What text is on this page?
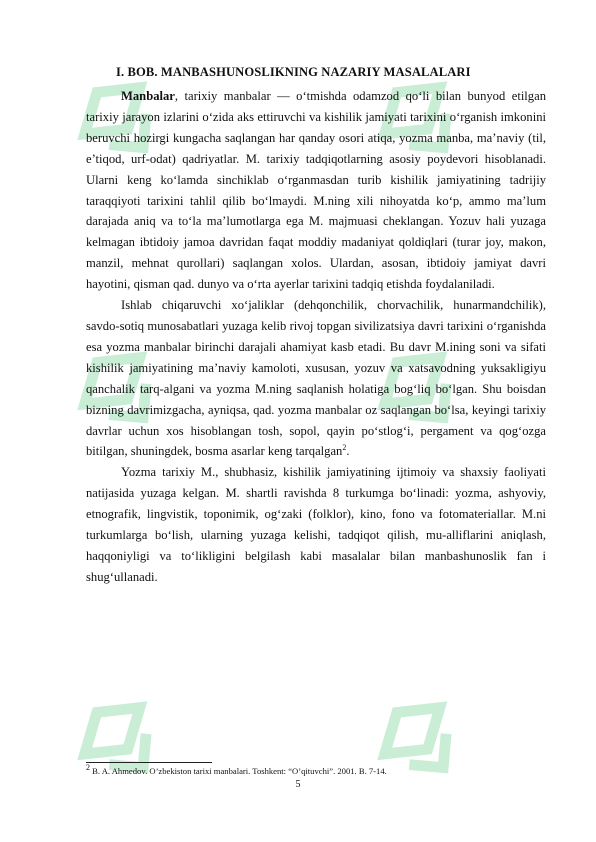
I. BOB. MANBASHUNOSLIKNING NAZARIY MASALALARI

Manbalar, tarixiy manbalar — o‘tmishda odamzod qo‘li bilan bunyod etilgan tarixiy jarayon izlarini o‘zida aks ettiruvchi va kishilik jamiyati tarixini o‘rganish imkonini beruvchi hozirgi kungacha saqlangan har qanday osori atiqa, yozma manba, ma’naviy (til, e’tiqod, urf-odat) qadriyatlar. M. tarixiy tadqiqotlarning asosiy poydevori hisoblanadi. Ularni keng ko‘lamda sinchiklab o‘rganmasdan turib kishilik jamiyatining tadrijiy taraqqiyoti tarixini tahlil qilib bo‘lmaydi. M.ning xili nihoyatda ko‘p, ammo ma’lum darajada aniq va to‘la ma’lumotlarga ega M. majmuasi cheklangan. Yozuv hali yuzaga kelmagan ibtidoiy jamoa davridan faqat moddiy madaniyat qoldiqlari (turar joy, makon, manzil, mehnat qurollari) saqlangan xolos. Ulardan, asosan, ibtidoiy jamiyat davri hayotini, qisman qad. dunyo va o‘rta ayerlar tarixini tadqiq etishda foydalaniladi.

Ishlab chiqaruvchi xo‘jaliklar (dehqonchilik, chorvachilik, hunarmandchilik), savdo-sotiq munosabatlari yuzaga kelib rivoj topgan sivilizatsiya davri tarixini o‘rganishda esa yozma manbalar birinchi darajali ahamiyat kasb etadi. Bu davr M.ining soni va sifati kishilik jamiyatining ma’naviy kamoloti, xususan, yozuv va xatsavodning yuksakligiyu qanchalik tarq-algani va yozma M.ning saqlanish holatiga bog‘liq bo‘lgan. Shu boisdan bizning davrimizgacha, ayniqsa, qad. yozma manbalar oz saqlangan bo‘lsa, keyingi tarixiy davrlar uchun xos hisoblangan tosh, sopol, qayin po‘stlog‘i, pergament va qog‘ozga bitilgan, shuningdek, bosma asarlar keng tarqalgan$^2$.

Yozma tarixiy M., shubhasiz, kishilik jamiyatining ijtimoiy va shaxsiy faoliyati natijasida yuzaga kelgan. M. shartli ravishda 8 turkumga bo‘linadi: yozma, ashyoviy, etnografik, lingvistik, toponimik, og‘zaki (folklor), kino, fono va fotomateriallar. M.ni turkumlarga bo‘lish, ularning yuzaga kelishi, tadqiqot qilish, mu-alliflarini aniqlash, haqqoniyligi va to‘likligini belgilash kabi masalalar bilan manbashunoslik fan i shug‘ullanadi.

$^2$ B. A. Ahmedov. O’zbekiston tarixi manbalari. Toshkent: “O’qituvchi”. 2001. B. 7-14.
5
